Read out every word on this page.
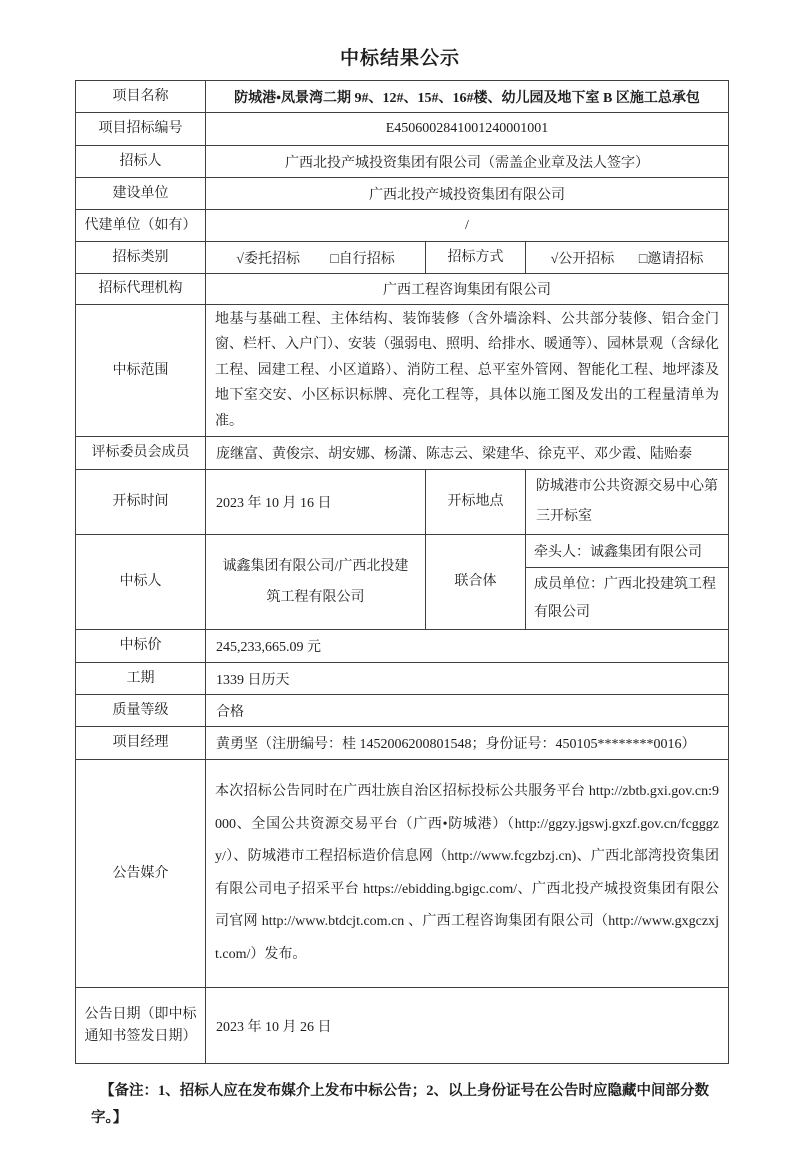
中标结果公示
项目名称	防城港•凤景湾二期 9#、12#、15#、16#楼、幼儿园及地下室 B 区施工总承包		
项目招标编号	E4506002841001240001001		
招标人	广西北投产城投资集团有限公司（需盖企业章及法人签字）		
建设单位	广西北投产城投资集团有限公司		
代建单位（如有）	/		
招标类别	√委托招标 □自行招标	招标方式	√公开招标 □邀请招标

招标代理机构	广西工程咨询集团有限公司		
中标范围	地基与基础工程、主体结构、装饰装修（含外墙涂料、公共部分装修、铝合金门窗、栏杆、入户门）、安装（强弱电、照明、给排水、暖通等）、园林景观（含绿化工程、园建工程、小区道路）、消防工程、总平室外管网、智能化工程、地坪漆及地下室交安、小区标识标牌、亮化工程等，具体以施工图及发出的工程量清单为准。		

评标委员会成员	庞继富、黄俊宗、胡安娜、杨潇、陈志云、梁建华、徐克平、邓少霞、陆贻泰		
开标时间	2023 年 10 月 16 日	开标地点	防城港市公共资源交易中心第三开标室

中标人	诚鑫集团有限公司/广西北投建筑工程有限公司	联合体	牵头人：诚鑫集团有限公司
成员单位：广西北投建筑工程有限公司

中标价	245,233,665.09 元		
工期	1339 日历天		
质量等级	合格		
项目经理	黄勇坚（注册编号：桂 1452006200801548；身份证号：450105********0016）		
公告媒介	本次招标公告同时在广西壮族自治区招标投标公共服务平台 http://zbtb.gxi.gov.cn:9000、全国公共资源交易平台（广西•防城港）（http://ggzy.jgswj.gxzf.gov.cn/fcgggzy/）、防城港市工程招标造价信息网（http://www.fcgzbzj.cn)、广西北部湾投资集团有限公司电子招采平台 https://ebidding.bgigc.com/、广西北投产城投资集团有限公司官网 http://www.btdcjt.com.cn 、广西工程咨询集团有限公司（http://www.gxgczxjt.com/）发布。		
公告日期（即中标通知书签发日期）	2023 年 10 月 26 日
【备注：1、招标人应在发布媒介上发布中标公告；2、以上身份证号在公告时应隐藏中间部分数字。】
